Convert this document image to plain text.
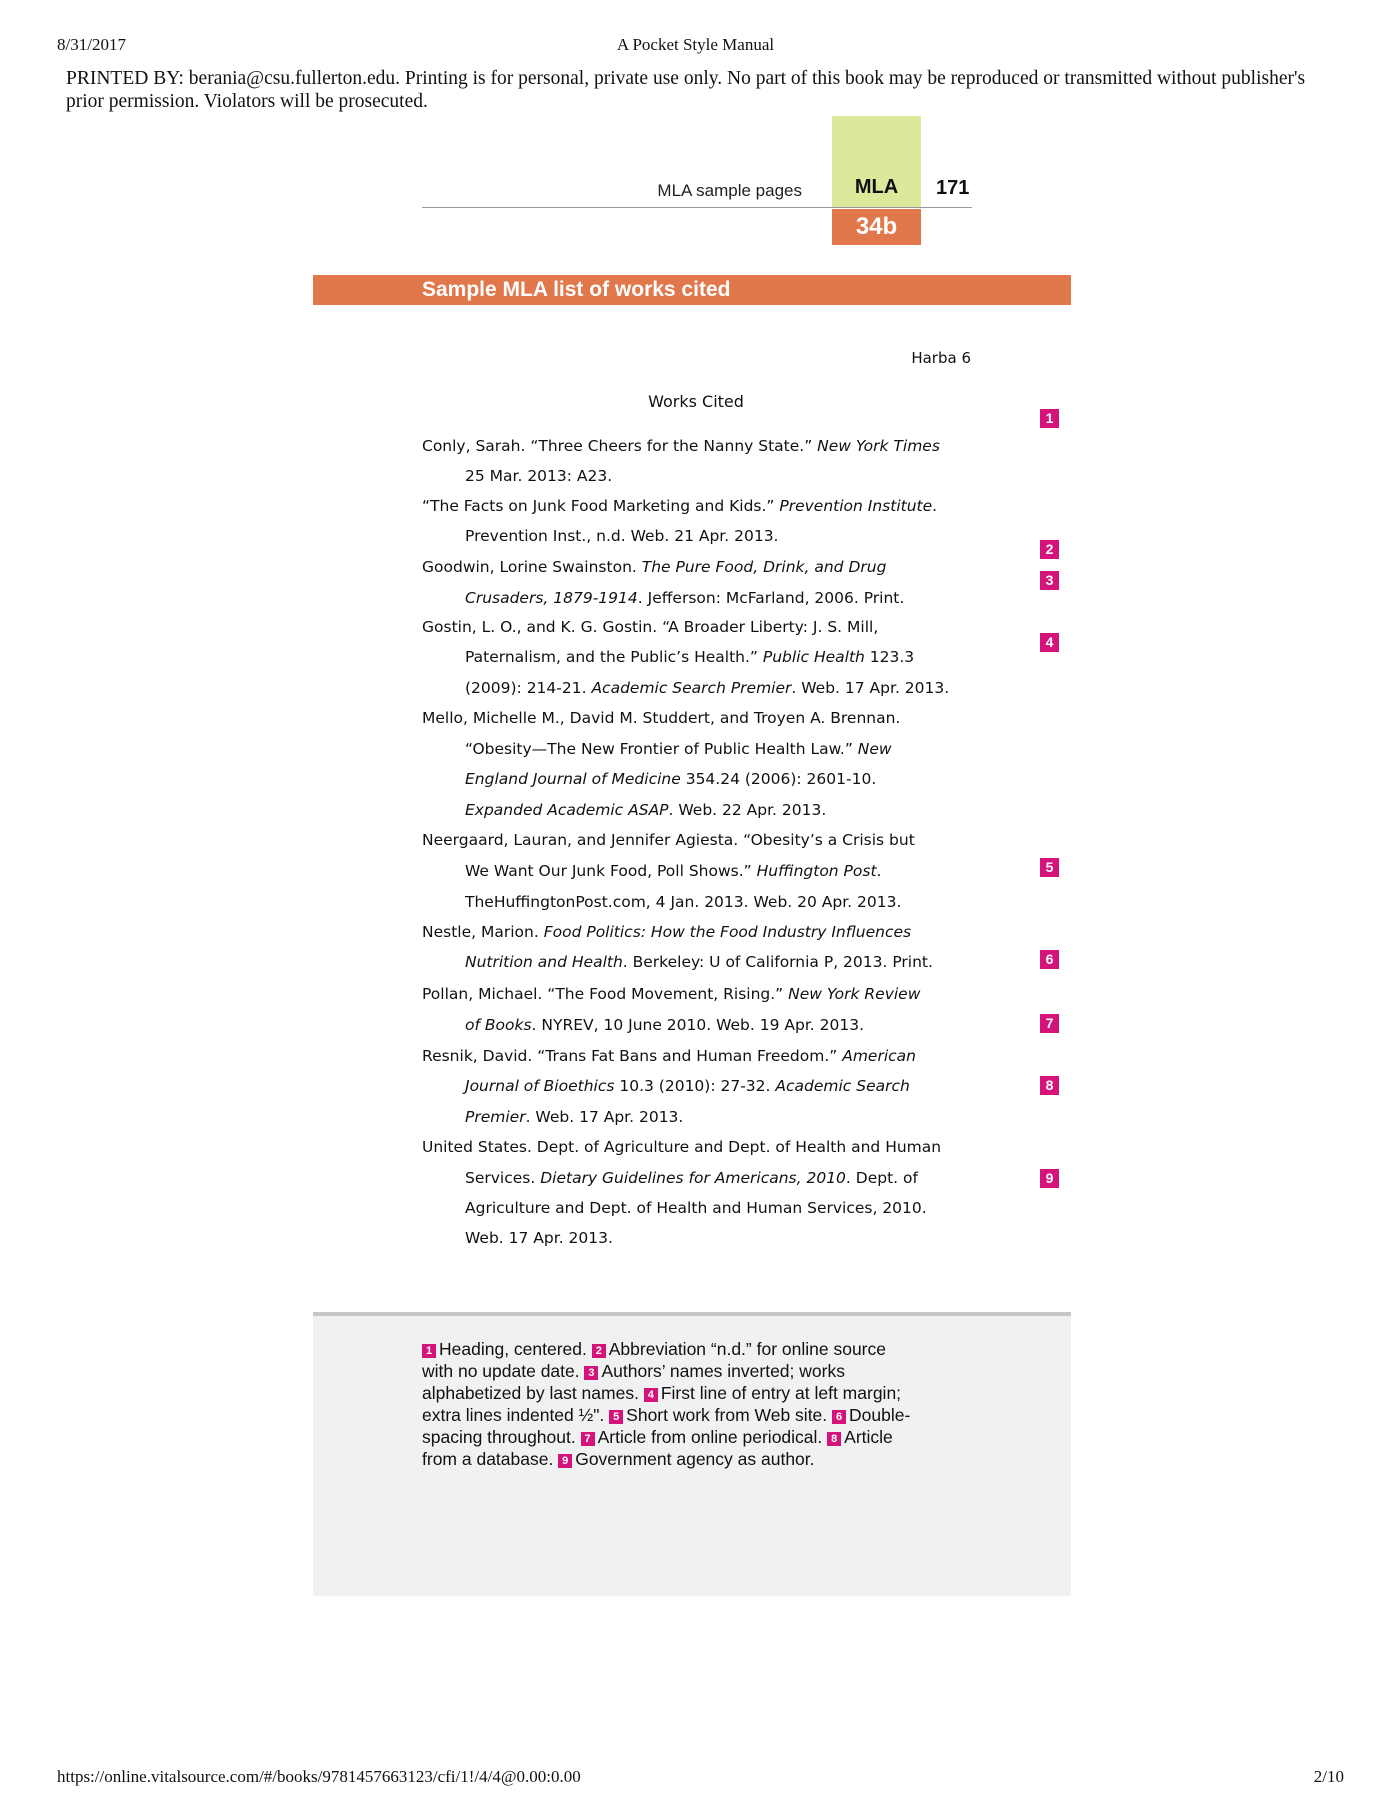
8/31/2017	A Pocket Style Manual
PRINTED BY: berania@csu.fullerton.edu. Printing is for personal, private use only. No part of this book may be reproduced or transmitted without publisher's prior permission. Violators will be prosecuted.
MLA
34b
MLA sample pages	171
Sample MLA list of works cited
Harba 6
Works Cited
Conly, Sarah. “Three Cheers for the Nanny State.” New York Times
25 Mar. 2013: A23.
“The Facts on Junk Food Marketing and Kids.” Prevention Institute.
Prevention Inst., n.d. Web. 21 Apr. 2013.
Goodwin, Lorine Swainston. The Pure Food, Drink, and Drug
Crusaders, 1879-1914. Jefferson: McFarland, 2006. Print.
Gostin, L. O., and K. G. Gostin. “A Broader Liberty: J. S. Mill,
Paternalism, and the Public’s Health.” Public Health 123.3
(2009): 214-21. Academic Search Premier. Web. 17 Apr. 2013.
Mello, Michelle M., David M. Studdert, and Troyen A. Brennan.
“Obesity—The New Frontier of Public Health Law.” New
England Journal of Medicine 354.24 (2006): 2601-10.
Expanded Academic ASAP. Web. 22 Apr. 2013.
Neergaard, Lauran, and Jennifer Agiesta. “Obesity’s a Crisis but
We Want Our Junk Food, Poll Shows.” Huffington Post.
TheHuffingtonPost.com, 4 Jan. 2013. Web. 20 Apr. 2013.
Nestle, Marion. Food Politics: How the Food Industry Influences
Nutrition and Health. Berkeley: U of California P, 2013. Print.
Pollan, Michael. “The Food Movement, Rising.” New York Review
of Books. NYREV, 10 June 2010. Web. 19 Apr. 2013.
Resnik, David. “Trans Fat Bans and Human Freedom.” American
Journal of Bioethics 10.3 (2010): 27-32. Academic Search
Premier. Web. 17 Apr. 2013.
United States. Dept. of Agriculture and Dept. of Health and Human
Services. Dietary Guidelines for Americans, 2010. Dept. of
Agriculture and Dept. of Health and Human Services, 2010.
Web. 17 Apr. 2013.
1
2
3
4
5
6
7
8
9
1 Heading, centered. 2 Abbreviation “n.d.” for online source
with no update date. 3 Authors’ names inverted; works
alphabetized by last names. 4 First line of entry at left margin;
extra lines indented ½". 5 Short work from Web site. 6 Double-
spacing throughout. 7 Article from online periodical. 8 Article
from a database. 9 Government agency as author.
https://online.vitalsource.com/#/books/9781457663123/cfi/1!/4/4@0.00:0.00	2/10
